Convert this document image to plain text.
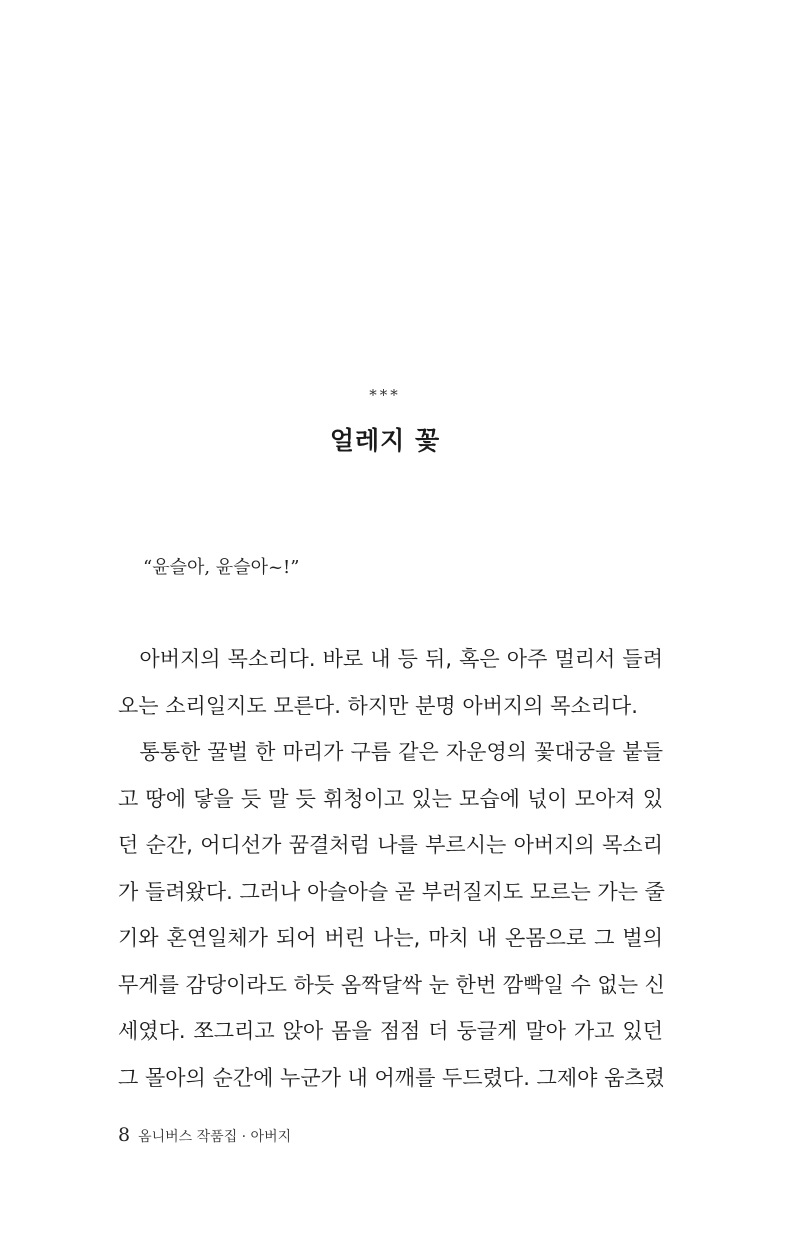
***
얼레지 꽃
“윤슬아, 윤슬아~!”
　아버지의 목소리다. 바로 내 등 뒤, 혹은 아주 멀리서 들려
오는 소리일지도 모른다. 하지만 분명 아버지의 목소리다.
　통통한 꿀벌 한 마리가 구름 같은 자운영의 꽃대궁을 붙들
고 땅에 닿을 듯 말 듯 휘청이고 있는 모습에 넋이 모아져 있
던 순간, 어디선가 꿈결처럼 나를 부르시는 아버지의 목소리
가 들려왔다. 그러나 아슬아슬 곧 부러질지도 모르는 가는 줄
기와 혼연일체가 되어 버린 나는, 마치 내 온몸으로 그 벌의
무게를 감당이라도 하듯 옴짝달싹 눈 한번 깜빡일 수 없는 신
세였다. 쪼그리고 앉아 몸을 점점 더 둥글게 말아 가고 있던
그 몰아의 순간에 누군가 내 어깨를 두드렸다. 그제야 움츠렸
8 옴니버스 작품집 · 아버지
